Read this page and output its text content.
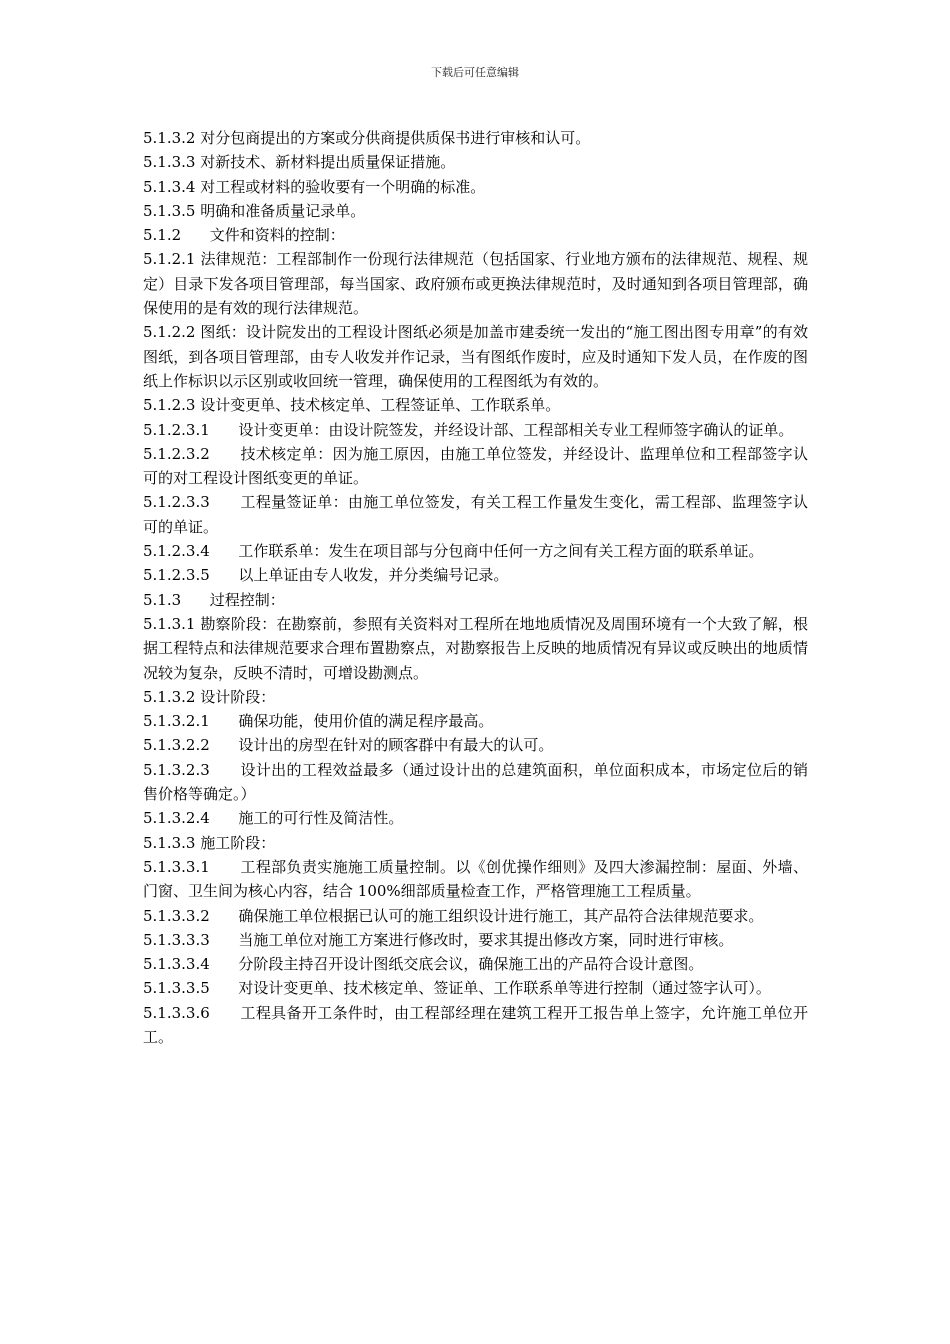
下载后可任意编辑

5.1.3.2 对分包商提出的方案或分供商提供质保书进行审核和认可。

5.1.3.3 对新技术、新材料提出质量保证措施。

5.1.3.4 对工程或材料的验收要有一个明确的标准。

5.1.3.5 明确和准备质量记录单。

5.1.2      文件和资料的控制：

5.1.2.1 法律规范：工程部制作一份现行法律规范（包括国家、行业地方颁布的法律规范、规程、规定）目录下发各项目管理部，每当国家、政府颁布或更换法律规范时，及时通知到各项目管理部，确保使用的是有效的现行法律规范。

5.1.2.2 图纸：设计院发出的工程设计图纸必须是加盖市建委统一发出的“施工图出图专用章”的有效图纸，到各项目管理部，由专人收发并作记录，当有图纸作废时，应及时通知下发人员，在作废的图纸上作标识以示区别或收回统一管理，确保使用的工程图纸为有效的。

5.1.2.3 设计变更单、技术核定单、工程签证单、工作联系单。

5.1.2.3.1      设计变更单：由设计院签发，并经设计部、工程部相关专业工程师签字确认的证单。

5.1.2.3.2      技术核定单：因为施工原因，由施工单位签发，并经设计、监理单位和工程部签字认可的对工程设计图纸变更的单证。

5.1.2.3.3      工程量签证单：由施工单位签发，有关工程工作量发生变化，需工程部、监理签字认可的单证。

5.1.2.3.4      工作联系单：发生在项目部与分包商中任何一方之间有关工程方面的联系单证。

5.1.2.3.5      以上单证由专人收发，并分类编号记录。

5.1.3      过程控制：

5.1.3.1 勘察阶段：在勘察前，参照有关资料对工程所在地地质情况及周围环境有一个大致了解，根据工程特点和法律规范要求合理布置勘察点，对勘察报告上反映的地质情况有异议或反映出的地质情况较为复杂，反映不清时，可增设勘测点。

5.1.3.2 设计阶段：

5.1.3.2.1      确保功能，使用价值的满足程序最高。

5.1.3.2.2      设计出的房型在针对的顾客群中有最大的认可。

5.1.3.2.3      设计出的工程效益最多（通过设计出的总建筑面积，单位面积成本，市场定位后的销售价格等确定。）

5.1.3.2.4      施工的可行性及简洁性。

5.1.3.3 施工阶段：

5.1.3.3.1      工程部负责实施施工质量控制。以《创优操作细则》及四大渗漏控制：屋面、外墙、门窗、卫生间为核心内容，结合 100%细部质量检查工作，严格管理施工工程质量。

5.1.3.3.2      确保施工单位根据已认可的施工组织设计进行施工，其产品符合法律规范要求。

5.1.3.3.3      当施工单位对施工方案进行修改时，要求其提出修改方案，同时进行审核。

5.1.3.3.4      分阶段主持召开设计图纸交底会议，确保施工出的产品符合设计意图。

5.1.3.3.5      对设计变更单、技术核定单、签证单、工作联系单等进行控制（通过签字认可）。

5.1.3.3.6      工程具备开工条件时，由工程部经理在建筑工程开工报告单上签字，允许施工单位开工。
